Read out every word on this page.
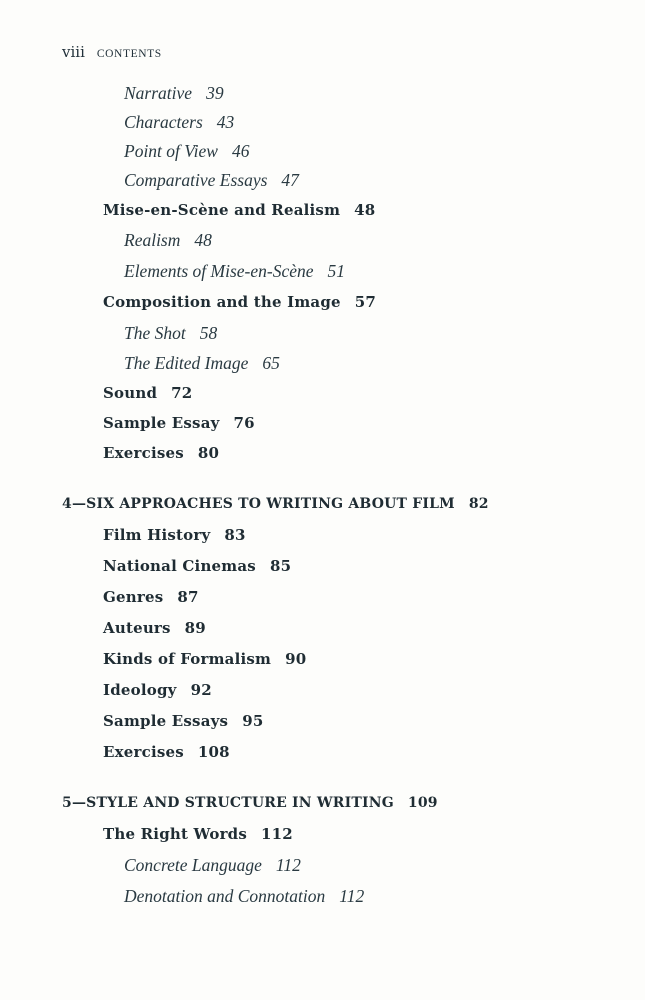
viii CONTENTS
Narrative 39
Characters 43
Point of View 46
Comparative Essays 47
Mise-en-Scène and Realism 48
Realism 48
Elements of Mise-en-Scène 51
Composition and the Image 57
The Shot 58
The Edited Image 65
Sound 72
Sample Essay 76
Exercises 80
4—SIX APPROACHES TO WRITING ABOUT FILM 82
Film History 83
National Cinemas 85
Genres 87
Auteurs 89
Kinds of Formalism 90
Ideology 92
Sample Essays 95
Exercises 108
5—STYLE AND STRUCTURE IN WRITING 109
The Right Words 112
Concrete Language 112
Denotation and Connotation 112
